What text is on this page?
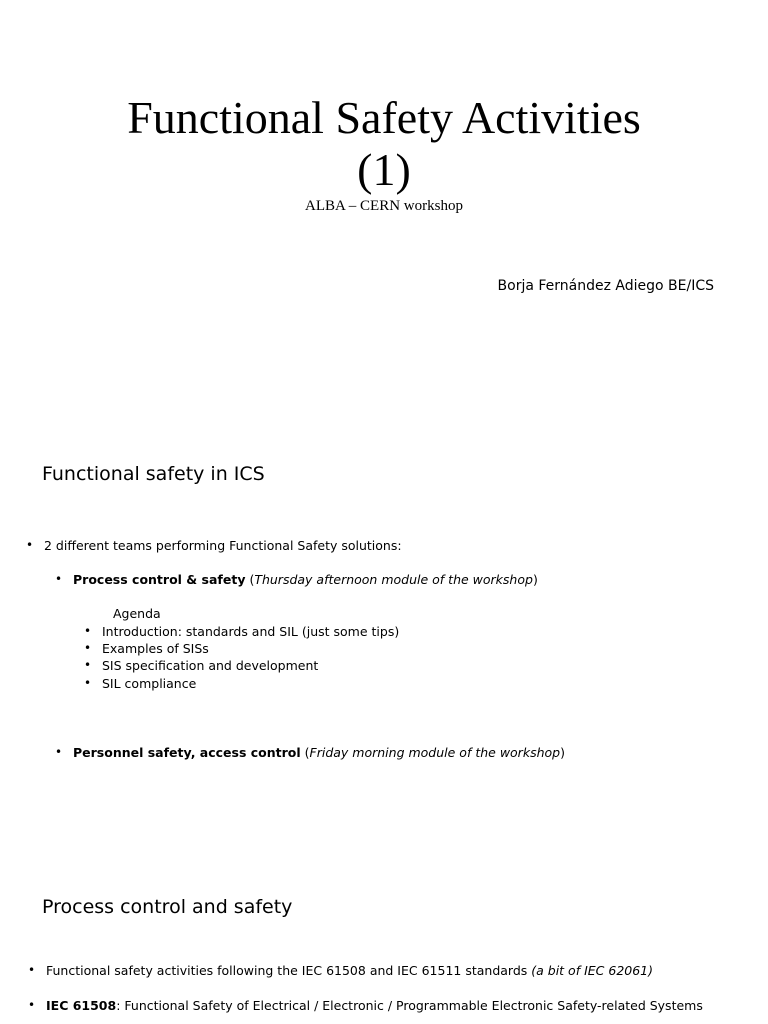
Functional Safety Activities
(1)
ALBA – CERN workshop
Borja Fernández Adiego BE/ICS
Functional safety in ICS
• 2 different teams performing Functional Safety solutions:
• Process control & safety (Thursday afternoon module of the workshop)
Agenda
• Introduction: standards and SIL (just some tips)
• Examples of SISs
• SIS specification and development
• SIL compliance
• Personnel safety, access control (Friday morning module of the workshop)
Process control and safety
• Functional safety activities following the IEC 61508 and IEC 61511 standards (a bit of IEC 62061)
• IEC 61508: Functional Safety of Electrical / Electronic / Programmable Electronic Safety-related Systems
